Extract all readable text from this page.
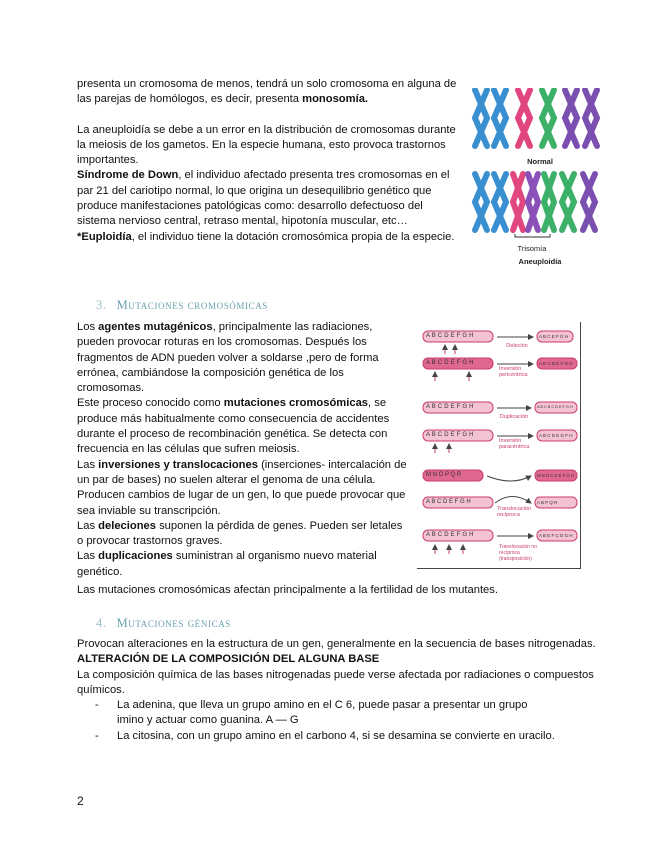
presenta un cromosoma de menos, tendrá un solo cromosoma en alguna de las parejas de homólogos, es decir, presenta monosomía.

La aneuploidía se debe a un error en la distribución de cromosomas durante la meiosis de los gametos. En la especie humana, esto provoca trastornos importantes.

Síndrome de Down, el individuo afectado presenta tres cromosomas en el par 21 del cariotipo normal, lo que origina un desequilibrio genético que produce manifestaciones patológicas como: desarrollo defectuoso del sistema nervioso central, retraso mental, hipotonía muscular, etc…

*Euploidía, el individuo tiene la dotación cromosómica propia de la especie.

Normal
Trisomía
Aneuploidía
3. Mutaciones cromosómicas

Los agentes mutagénicos, principalmente las radiaciones, pueden provocar roturas en los cromosomas. Después los fragmentos de ADN pueden volver a soldarse ,pero de forma errónea, cambiándose la composición genética de los cromosomas.

Este proceso conocido como mutaciones cromosómicas, se produce más habitualmente como consecuencia de accidentes durante el proceso de recombinación genética. Se detecta con frecuencia en las células que sufren meiosis.

Las inversiones y translocaciones (inserciones- intercalación de un par de bases) no suelen alterar el genoma de una célula. Producen cambios de lugar de un gen, lo que puede provocar que sea inviable su transcripción.

Las deleciones suponen la pérdida de genes. Pueden ser letales o provocar trastornos graves.

Las duplicaciones suministran al organismo nuevo material genético.

Las mutaciones cromosómicas afectan principalmente a la fertilidad de los mutantes.

A B C D E F G H	A B C E F G H
A B C D E F G H	A D C B E F G H
A B C D E F G H	A B C B C D E F G H
A B C D E F G H	A B C D E G F H
M N O P Q R
A B C D E F G H
M N O C D E F G H
A B P Q R
A B C D E F G H	A B E F C D G H
Deleción
Inversión pericéntrica
Duplicación
Inversión paracéntrica
Translocación recíproca
Translocación no recíproca (transposición)
4. Mutaciones génicas

Provocan alteraciones en la estructura de un gen, generalmente en la secuencia de bases nitrogenadas.

ALTERACIÓN DE LA COMPOSICIÓN DEL ALGUNA BASE

La composición química de las bases nitrogenadas puede verse afectada por radiaciones o compuestos químicos.

- La adenina, que lleva un grupo amino en el C 6, puede pasar a presentar un grupo imino y actuar como guanina. A — G

- La citosina, con un grupo amino en el carbono 4, si se desamina se convierte en uracilo.

2
